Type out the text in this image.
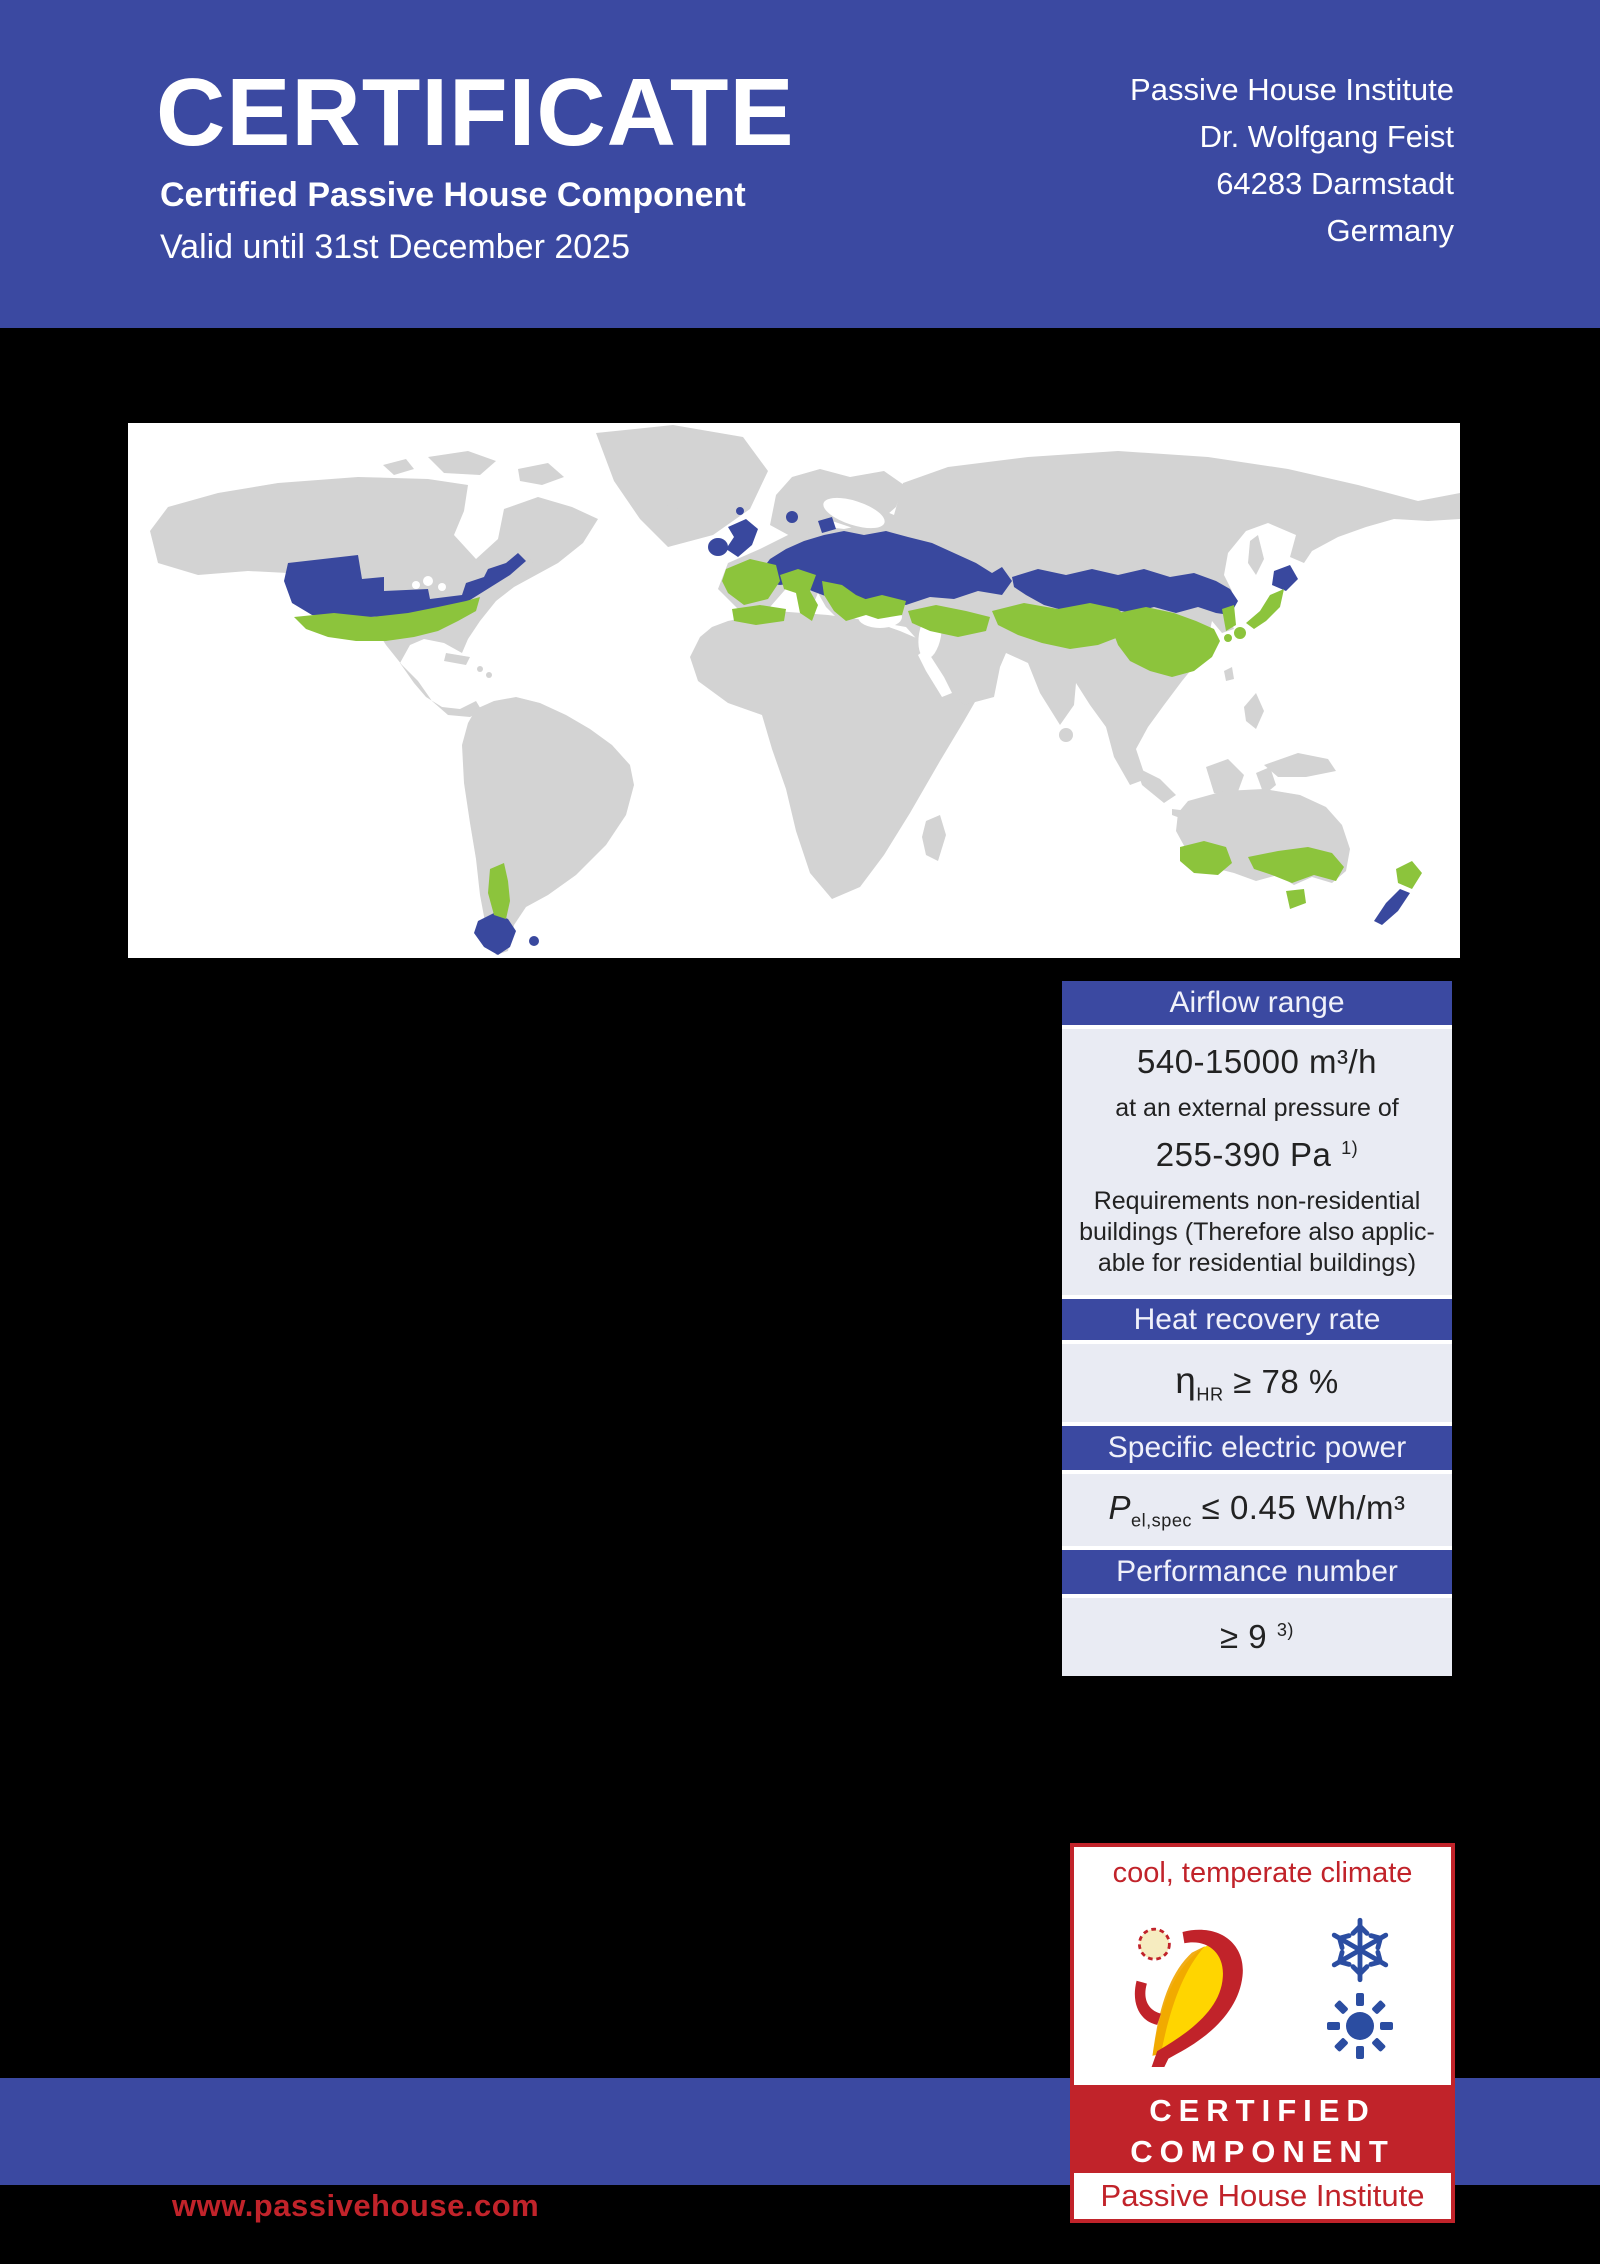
CERTIFICATE
Certified Passive House Component
Valid until 31st December 2025
Passive House Institute
Dr. Wolfgang Feist
64283 Darmstadt
Germany
Airflow range
540-15000 m³/h
at an external pressure of
255-390 Pa $^{1)}$
Requirements non-residential
buildings (Therefore also applic-
able for residential buildings)
Heat recovery rate
$\eta_{HR} \ge 78$ %
Specific electric power
$P_{el,spec} \le 0.45$ Wh/m³
Performance number
≥ 9 $^{3)}$
www.passivehouse.com
cool, temperate climate
CERTIFIED
COMPONENT
Passive House Institute
